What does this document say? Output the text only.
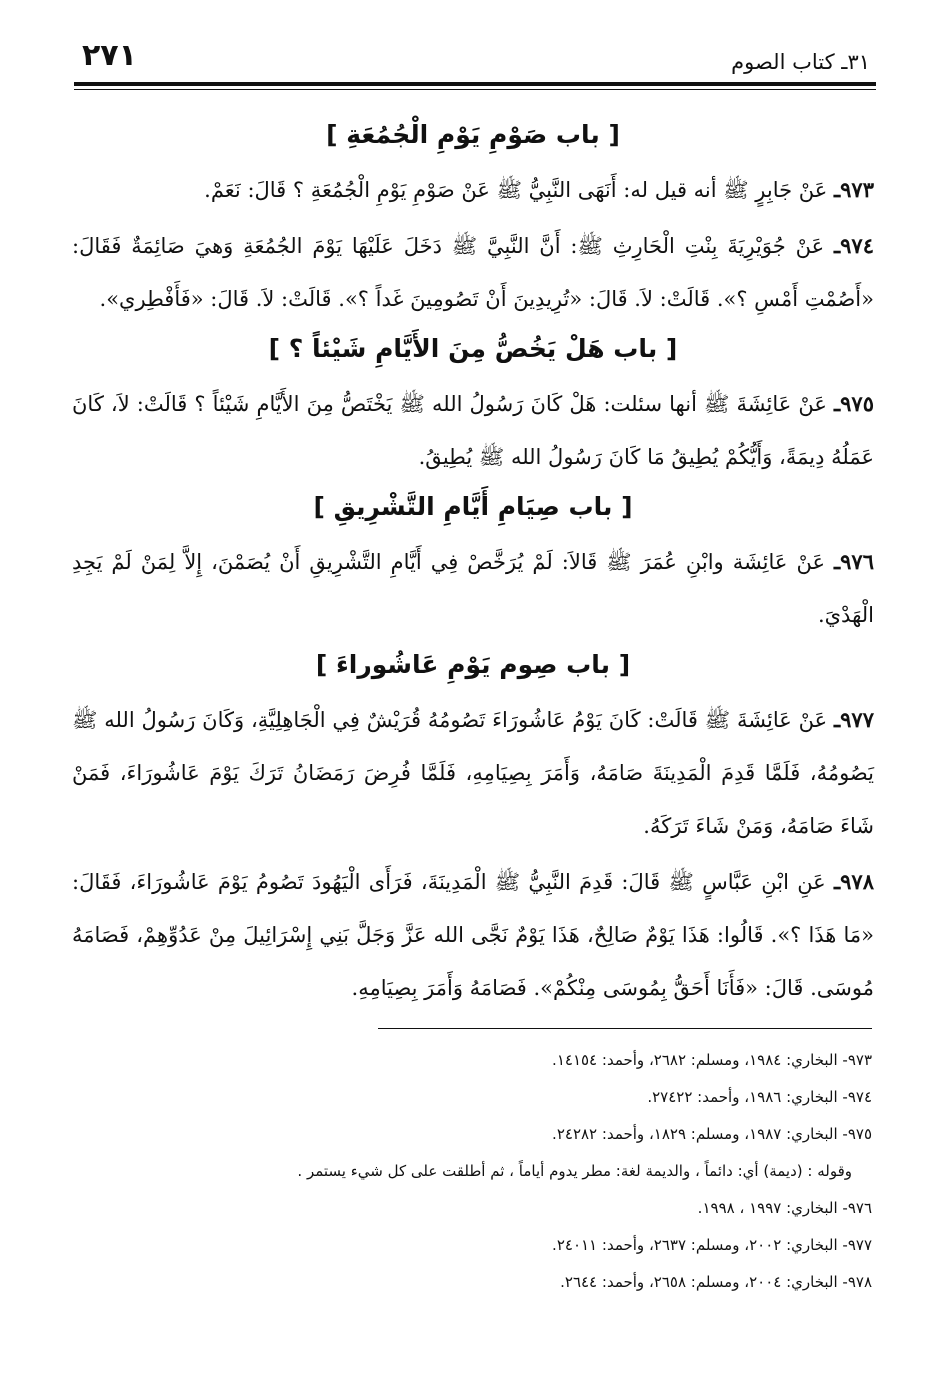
٢٧١	٣١ـ كتاب الصوم
[ باب صَوْمِ يَوْمِ الْجُمُعَةِ ]

٩٧٣ـ عَنْ جَابِرٍ ﷺ أنه قيل له: أَنَهَى النَّبِيُّ ﷺ عَنْ صَوْمِ يَوْمِ الْجُمُعَةِ ؟ قَالَ: نَعَمْ.

٩٧٤ـ عَنْ جُوَيْرِيَةَ بِنْتِ الْحَارِثِ ﷺ: أَنَّ النَّبِيَّ ﷺ دَخَلَ عَلَيْهَا يَوْمَ الجُمُعَةِ وَهيَ صَائِمَةٌ فَقَالَ: «أَصُمْتِ أَمْسِ ؟». قَالَتْ: لاَ. قَالَ: «تُرِيدِينَ أَنْ تَصُومِينَ غَداً ؟». قَالَتْ: لاَ. قَالَ: «فَأَفْطِري».

[ باب هَلْ يَخُصُّ مِنَ الأَيَّامِ شَيْئاً ؟ ]

٩٧٥ـ عَنْ عَائِشَةَ ﷺ أنها سئلت: هَلْ كَانَ رَسُولُ الله ﷺ يَخْتَصُّ مِنَ الأَيَّامِ شَيْئاً ؟ قَالَتْ: لاَ، كَانَ عَمَلُهُ دِيمَةً، وَأَيُّكُمْ يُطِيقُ مَا كَانَ رَسُولُ الله ﷺ يُطِيقُ.

[ باب صِيَامِ أَيَّامِ التَّشْرِيقِ ]

٩٧٦ـ عَنْ عَائِشَة وابْنِ عُمَرَ ﷺ قَالاَ: لَمْ يُرَخَّصْ فِي أَيَّامِ التَّشْرِيقِ أَنْ يُصَمْنَ، إِلاَّ لِمَنْ لَمْ يَجِدِ الْهَدْيَ.

[ باب صِوم يَوْمِ عَاشُوراءَ ]

٩٧٧ـ عَنْ عَائِشَةَ ﷺ قَالَتْ: كَانَ يَوْمُ عَاشُورَاءَ تَصُومُهُ قُرَيْشٌ فِي الْجَاهِلِيَّةِ، وَكَانَ رَسُولُ الله ﷺ يَصُومُهُ، فَلَمَّا قَدِمَ الْمَدِينَةَ صَامَهُ، وَأَمَرَ بِصِيَامِهِ، فَلَمَّا فُرِضَ رَمَضَانُ تَرَكَ يَوْمَ عَاشُورَاءَ، فَمَنْ شَاءَ صَامَهُ، وَمَنْ شَاءَ تَرَكَهُ.

٩٧٨ـ عَنِ ابْنِ عَبَّاسٍ ﷺ قَالَ: قَدِمَ النَّبِيُّ ﷺ الْمَدِينَةَ، فَرَأَى الْيَهُودَ تَصُومُ يَوْمَ عَاشُورَاءَ، فَقَالَ: «مَا هَذَا ؟». قَالُوا: هَذَا يَوْمٌ صَالِحٌ، هَذَا يَوْمٌ نَجَّى الله عَزَّ وَجَلَّ بَنِي إِسْرَائِيلَ مِنْ عَدُوِّهِمْ، فَصَامَهُ مُوسَى. قَالَ: «فَأَنَا أَحَقُّ بِمُوسَى مِنْكُمْ». فَصَامَهُ وَأَمَرَ بِصِيَامِهِ.

٩٧٣- البخاري: ١٩٨٤، ومسلم: ٢٦٨٢، وأحمد: ١٤١٥٤.
٩٧٤- البخاري: ١٩٨٦، وأحمد: ٢٧٤٢٢.
٩٧٥- البخاري: ١٩٨٧، ومسلم: ١٨٢٩، وأحمد: ٢٤٢٨٢.
وقوله : (ديمة) أي: دائماً ، والديمة لغة: مطر يدوم أياماً ، ثم أطلقت على كل شيء يستمر .
٩٧٦- البخاري: ١٩٩٧ ، ١٩٩٨.
٩٧٧- البخاري: ٢٠٠٢، ومسلم: ٢٦٣٧، وأحمد: ٢٤٠١١.
٩٧٨- البخاري: ٢٠٠٤، ومسلم: ٢٦٥٨، وأحمد: ٢٦٤٤.
